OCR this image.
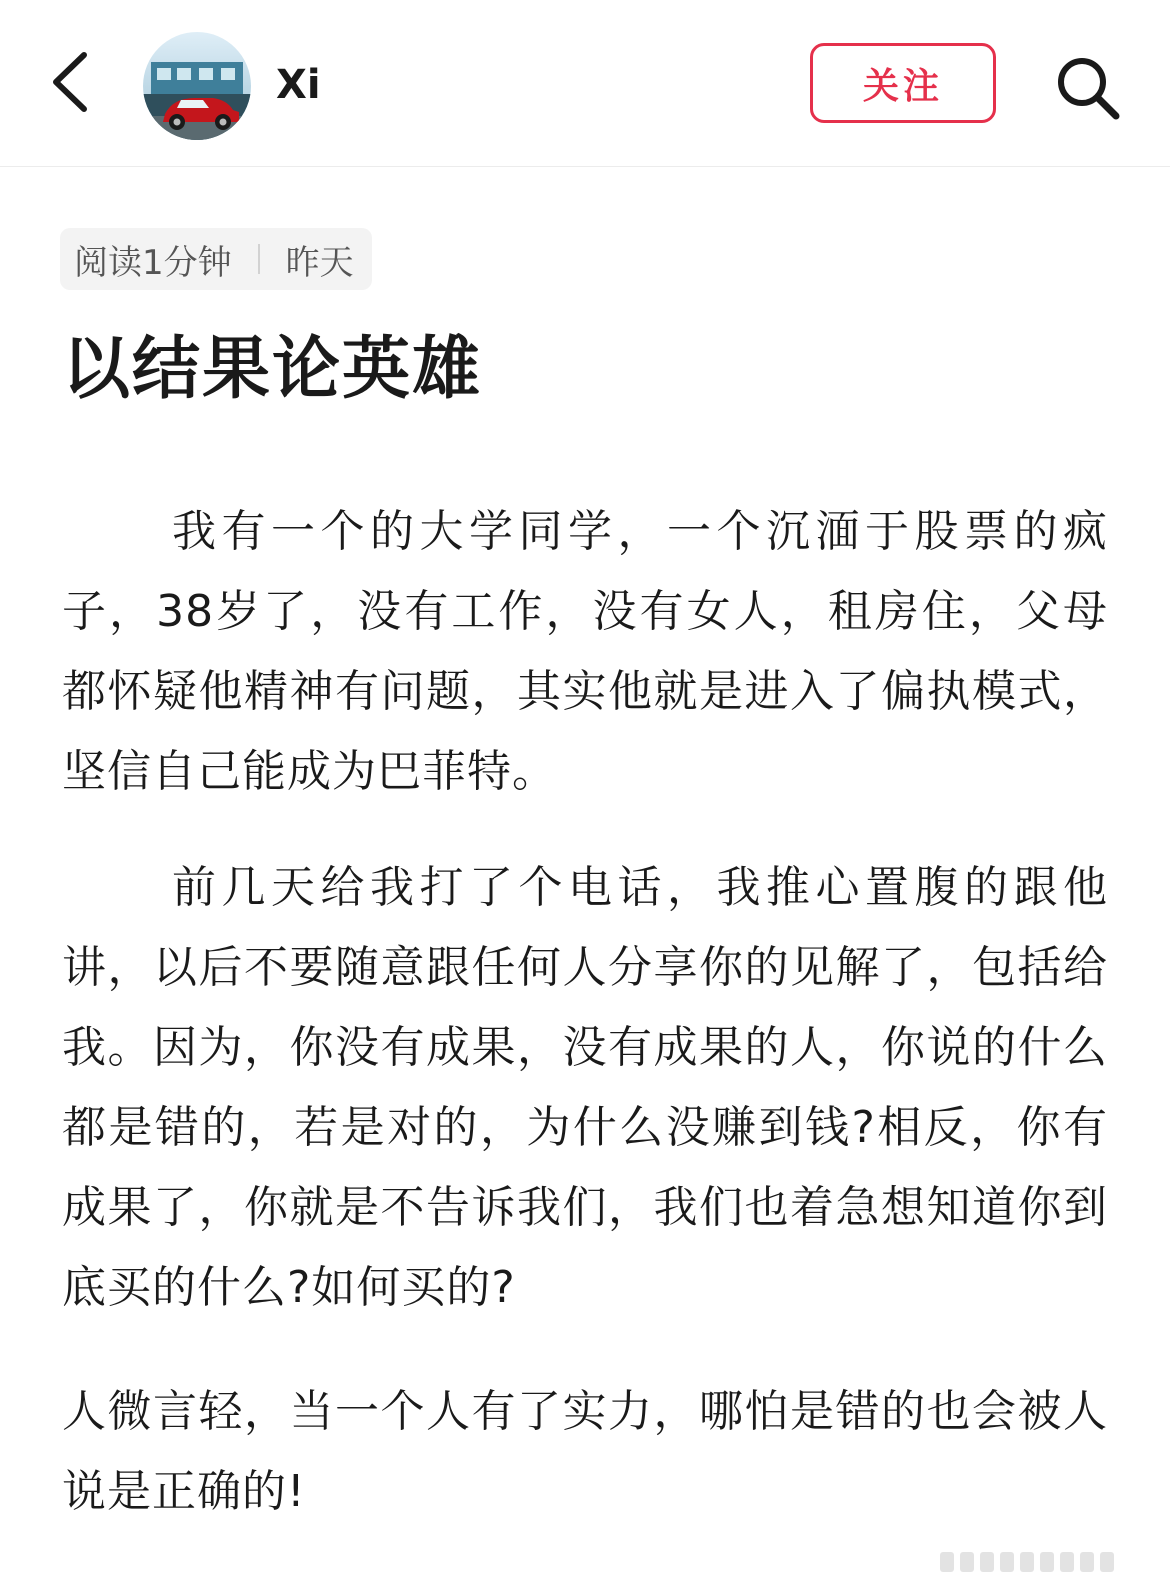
Xi	关注
阅读1分钟 昨天
以结果论英雄

我有一个的大学同学，一个沉湎于股票的疯子，38岁了，没有工作，没有女人，租房住，父母都怀疑他精神有问题，其实他就是进入了偏执模式，坚信自己能成为巴菲特。

前几天给我打了个电话，我推心置腹的跟他讲，以后不要随意跟任何人分享你的见解了，包括给我。因为，你没有成果，没有成果的人，你说的什么都是错的，若是对的，为什么没赚到钱?相反，你有成果了，你就是不告诉我们，我们也着急想知道你到底买的什么?如何买的?

人微言轻，当一个人有了实力，哪怕是错的也会被人说是正确的!
